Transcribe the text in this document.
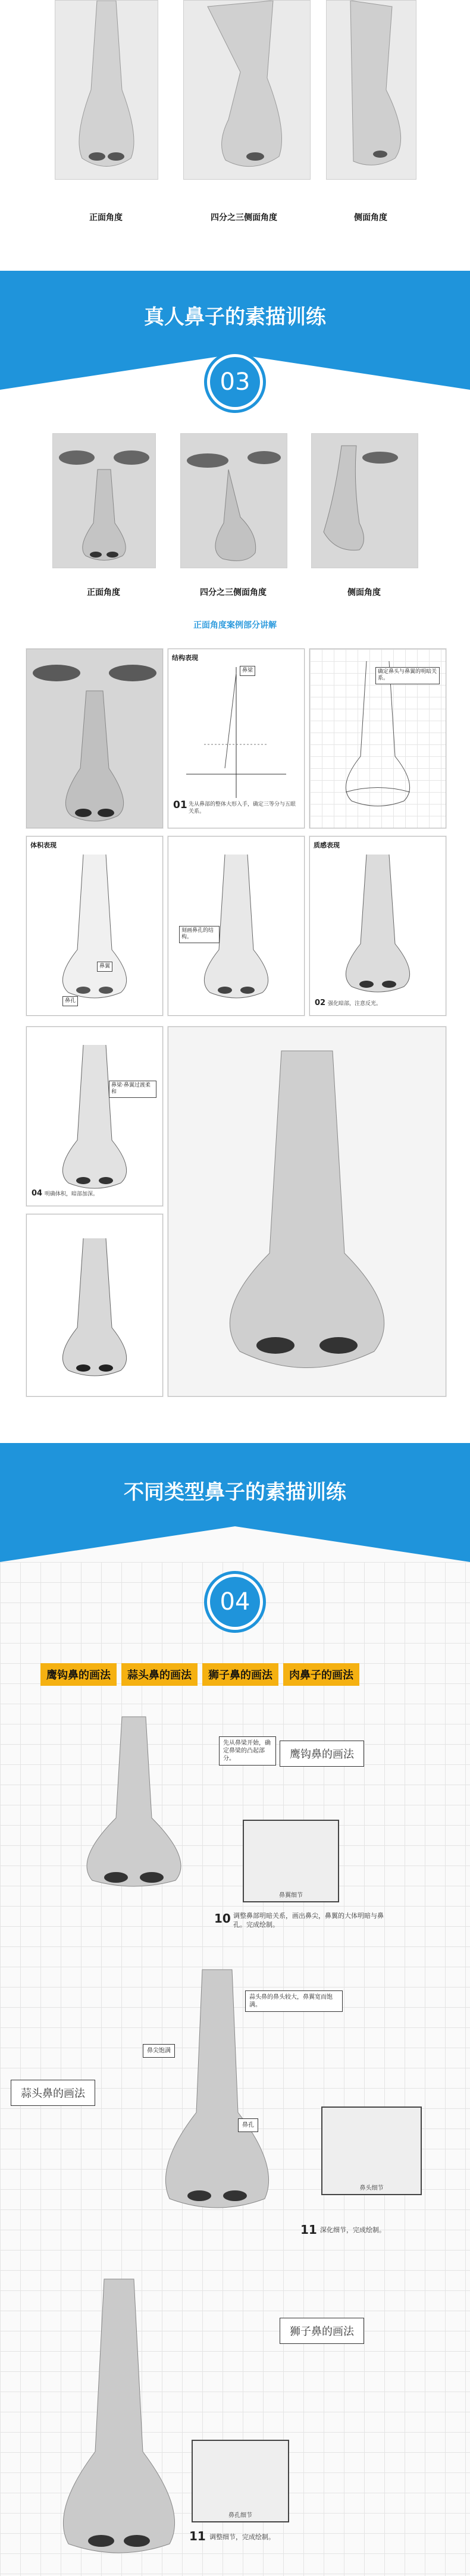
正面角度	四分之三侧面角度	侧面角度
真人鼻子的素描训练
03
正面角度	四分之三侧面角度	侧面角度
正面角度案例部分讲解
结构表现
鼻梁
01 先从鼻部的整体大形入手，确定三等分与五眼关系。
确定鼻头与鼻翼的明暗关系。
体积表现
鼻翼
鼻孔
刻画鼻孔的结构。
质感表现
02 强化暗部，注意反光。
鼻梁·鼻翼过渡柔和
04 明确体积，暗部加深。
不同类型鼻子的素描训练
04
鹰钩鼻的画法	蒜头鼻的画法	狮子鼻的画法	肉鼻子的画法
先从鼻梁开始，确定鼻梁的凸起部分。	鹰钩鼻的画法
鼻翼细节
10 调整鼻部明暗关系，画出鼻尖，鼻翼的大体明暗与鼻孔。完成绘制。
蒜头鼻的鼻头较大，鼻翼宽而饱满。
鼻尖饱满
鼻孔
蒜头鼻的画法
鼻头细节
11 深化细节，完成绘制。
狮子鼻的画法
鼻孔细节
11 调整细节，完成绘制。
